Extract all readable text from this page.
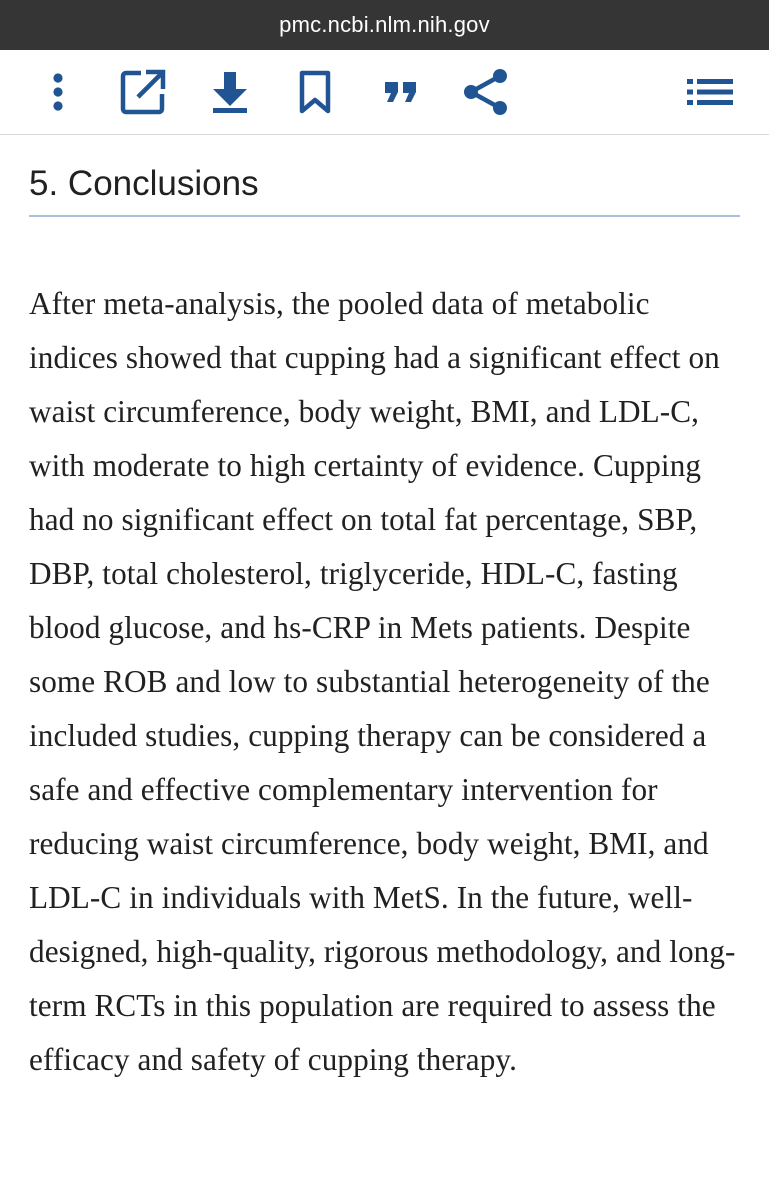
pmc.ncbi.nlm.nih.gov
5. Conclusions

After meta-analysis, the pooled data of metabolic indices showed that cupping had a significant effect on waist circumference, body weight, BMI, and LDL-C, with moderate to high certainty of evidence. Cupping had no significant effect on total fat percentage, SBP, DBP, total cholesterol, triglyceride, HDL-C, fasting blood glucose, and hs-CRP in Mets patients. Despite some ROB and low to substantial heterogeneity of the included studies, cupping therapy can be considered a safe and effective complementary intervention for reducing waist circumference, body weight, BMI, and LDL-C in individuals with MetS. In the future, well-designed, high-quality, rigorous methodology, and long-term RCTs in this population are required to assess the efficacy and safety of cupping therapy.
